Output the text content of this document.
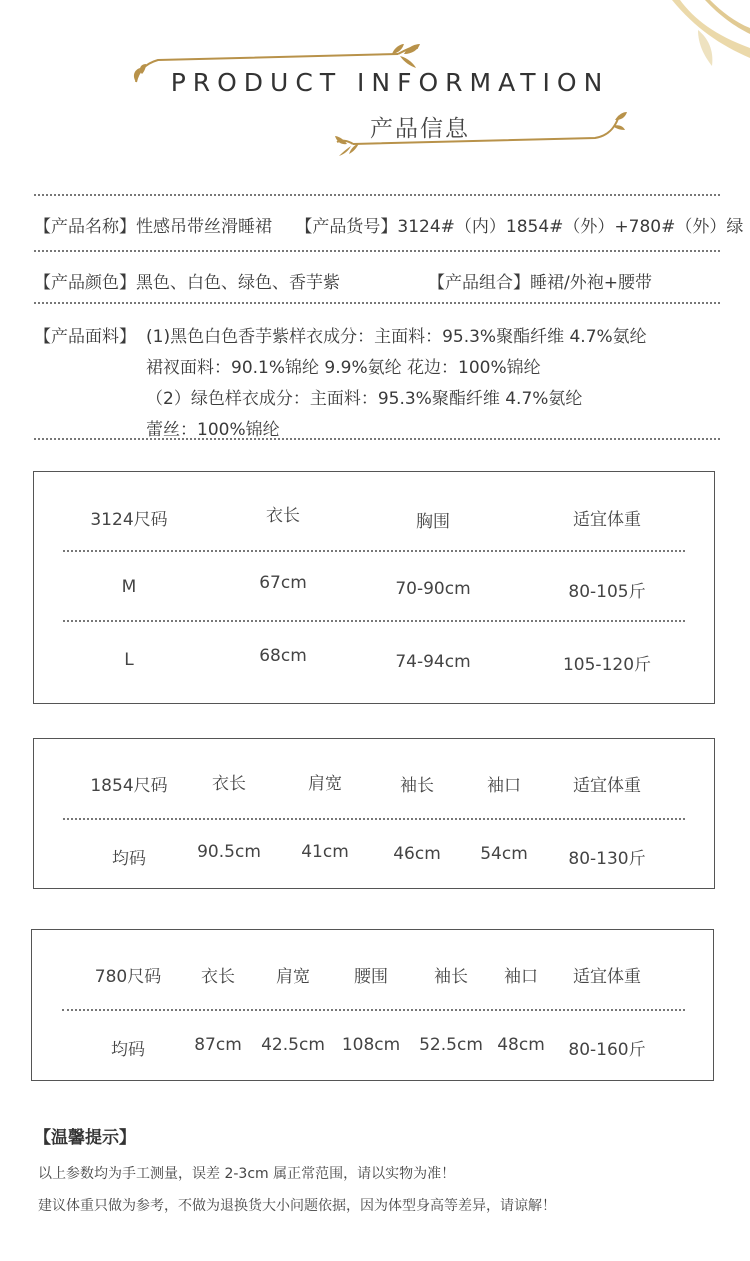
PRODUCT INFORMATION
产品信息
【产品名称】性感吊带丝滑睡裙 【产品货号】3124#（内）1854#（外）+780#（外）绿
【产品颜色】黑色、白色、绿色、香芋紫	【产品组合】睡裙/外袍+腰带
【产品面料】 (1)黑色白色香芋紫样衣成分：主面料：95.3%聚酯纤维 4.7%氨纶
裙衩面料：90.1%锦纶 9.9%氨纶 花边：100%锦纶
（2）绿色样衣成分：主面料：95.3%聚酯纤维 4.7%氨纶
蕾丝：100%锦纶
3124尺码	衣长	胸围	适宜体重
M	67cm	70-90cm	80-105斤
L	68cm	74-94cm	105-120斤
1854尺码	衣长	肩宽	袖长	袖口	适宜体重
均码	90.5cm 41cm	46cm 54cm 80-130斤
780尺码 衣长 肩宽	腰围	袖长 袖口 适宜体重
均码	87cm 42.5cm 108cm 52.5cm 48cm 80-160斤
【温馨提示】
以上参数均为手工测量，误差 2-3cm 属正常范围，请以实物为准！
建议体重只做为参考，不做为退换货大小问题依据，因为体型身高等差异，请谅解！
